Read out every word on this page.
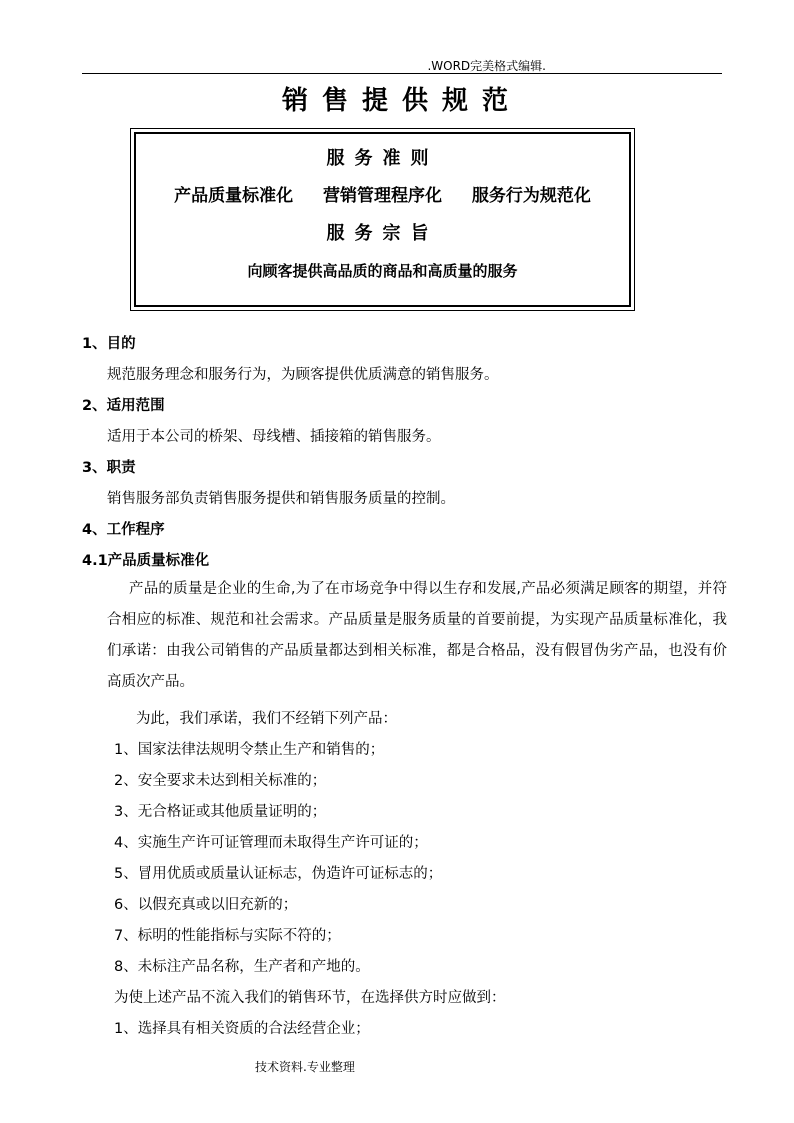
.WORD完美格式编辑.
销售提供规范
服务准则
产品质量标准化 营销管理程序化 服务行为规范化
服务宗旨
向顾客提供高品质的商品和高质量的服务
1、目的
规范服务理念和服务行为，为顾客提供优质满意的销售服务。
2、适用范围
适用于本公司的桥架、母线槽、插接箱的销售服务。
3、职责
销售服务部负责销售服务提供和销售服务质量的控制。
4、工作程序
4.1产品质量标准化
产品的质量是企业的生命,为了在市场竞争中得以生存和发展,产品必须满足顾客的期望，并符合相应的标准、规范和社会需求。产品质量是服务质量的首要前提，为实现产品质量标准化，我们承诺：由我公司销售的产品质量都达到相关标准，都是合格品，没有假冒伪劣产品，也没有价高质次产品。
为此，我们承诺，我们不经销下列产品：
1、国家法律法规明令禁止生产和销售的；
2、安全要求未达到相关标准的；
3、无合格证或其他质量证明的；
4、实施生产许可证管理而未取得生产许可证的；
5、冒用优质或质量认证标志，伪造许可证标志的；
6、以假充真或以旧充新的；
7、标明的性能指标与实际不符的；
8、未标注产品名称，生产者和产地的。
为使上述产品不流入我们的销售环节，在选择供方时应做到：
1、选择具有相关资质的合法经营企业；
技术资料.专业整理
